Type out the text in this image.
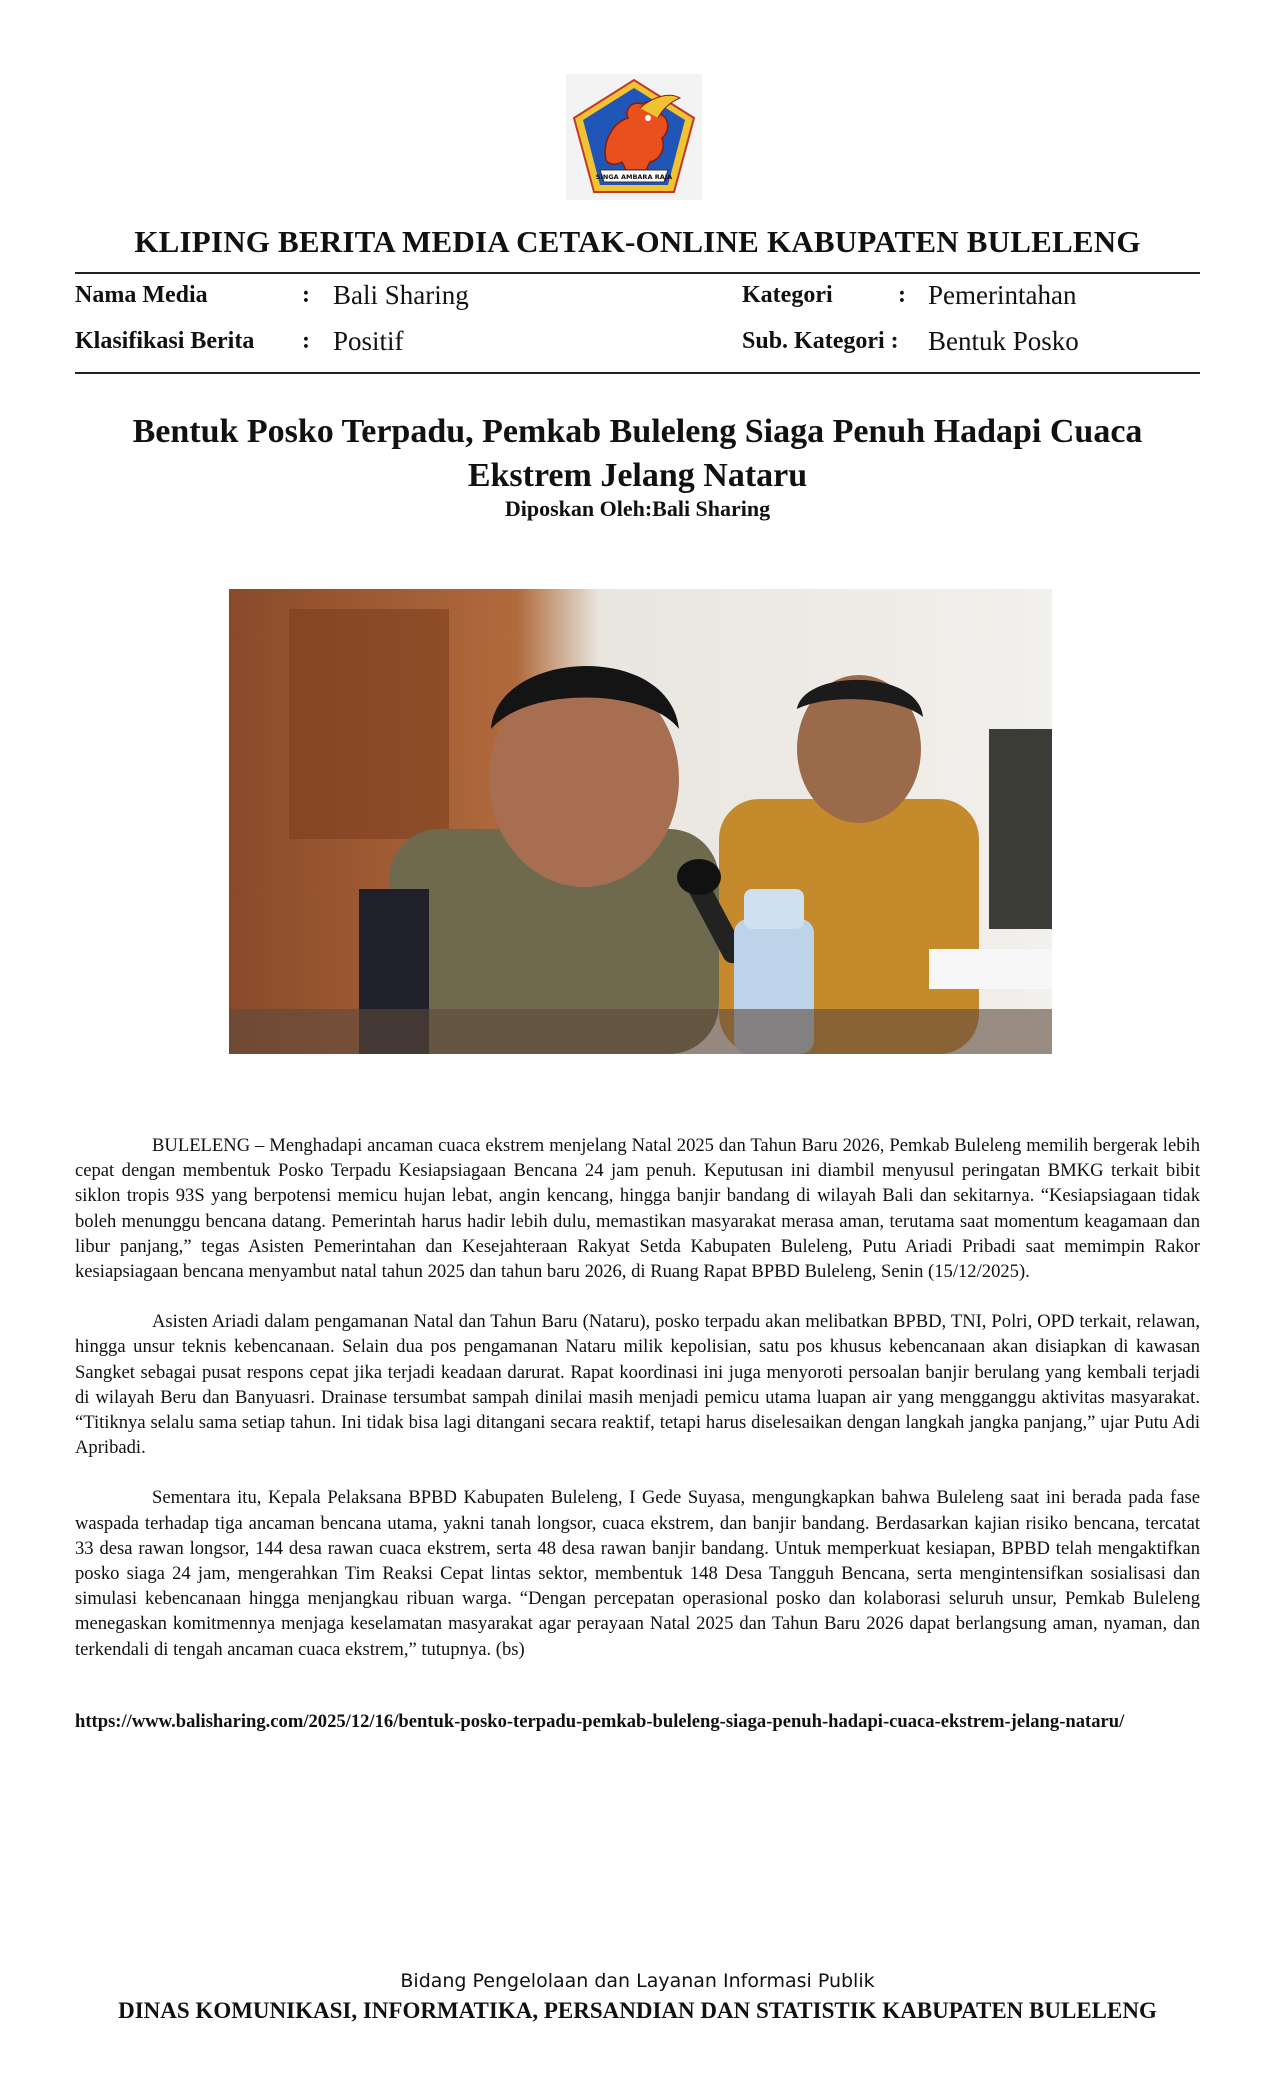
SINGA AMBARA RAJA
KLIPING BERITA MEDIA CETAK-ONLINE KABUPATEN BULELENG
Nama Media	: Bali Sharing	Kategori	: Pemerintahan
Klasifikasi Berita : Positif	Sub. Kategori : Bentuk Posko
Bentuk Posko Terpadu, Pemkab Buleleng Siaga Penuh Hadapi Cuaca Ekstrem Jelang Nataru
Diposkan Oleh:Bali Sharing

BULELENG – Menghadapi ancaman cuaca ekstrem menjelang Natal 2025 dan Tahun Baru 2026, Pemkab Buleleng memilih bergerak lebih cepat dengan membentuk Posko Terpadu Kesiapsiagaan Bencana 24 jam penuh. Keputusan ini diambil menyusul peringatan BMKG terkait bibit siklon tropis 93S yang berpotensi memicu hujan lebat, angin kencang, hingga banjir bandang di wilayah Bali dan sekitarnya. “Kesiapsiagaan tidak boleh menunggu bencana datang. Pemerintah harus hadir lebih dulu, memastikan masyarakat merasa aman, terutama saat momentum keagamaan dan libur panjang,” tegas Asisten Pemerintahan dan Kesejahteraan Rakyat Setda Kabupaten Buleleng, Putu Ariadi Pribadi saat memimpin Rakor kesiapsiagaan bencana menyambut natal tahun 2025 dan tahun baru 2026, di Ruang Rapat BPBD Buleleng, Senin (15/12/2025).

Asisten Ariadi dalam pengamanan Natal dan Tahun Baru (Nataru), posko terpadu akan melibatkan BPBD, TNI, Polri, OPD terkait, relawan, hingga unsur teknis kebencanaan. Selain dua pos pengamanan Nataru milik kepolisian, satu pos khusus kebencanaan akan disiapkan di kawasan Sangket sebagai pusat respons cepat jika terjadi keadaan darurat. Rapat koordinasi ini juga menyoroti persoalan banjir berulang yang kembali terjadi di wilayah Beru dan Banyuasri. Drainase tersumbat sampah dinilai masih menjadi pemicu utama luapan air yang mengganggu aktivitas masyarakat. “Titiknya selalu sama setiap tahun. Ini tidak bisa lagi ditangani secara reaktif, tetapi harus diselesaikan dengan langkah jangka panjang,” ujar Putu Adi Apribadi.

Sementara itu, Kepala Pelaksana BPBD Kabupaten Buleleng, I Gede Suyasa, mengungkapkan bahwa Buleleng saat ini berada pada fase waspada terhadap tiga ancaman bencana utama, yakni tanah longsor, cuaca ekstrem, dan banjir bandang. Berdasarkan kajian risiko bencana, tercatat 33 desa rawan longsor, 144 desa rawan cuaca ekstrem, serta 48 desa rawan banjir bandang. Untuk memperkuat kesiapan, BPBD telah mengaktifkan posko siaga 24 jam, mengerahkan Tim Reaksi Cepat lintas sektor, membentuk 148 Desa Tangguh Bencana, serta mengintensifkan sosialisasi dan simulasi kebencanaan hingga menjangkau ribuan warga. “Dengan percepatan operasional posko dan kolaborasi seluruh unsur, Pemkab Buleleng menegaskan komitmennya menjaga keselamatan masyarakat agar perayaan Natal 2025 dan Tahun Baru 2026 dapat berlangsung aman, nyaman, dan terkendali di tengah ancaman cuaca ekstrem,” tutupnya. (bs)

https://www.balisharing.com/2025/12/16/bentuk-posko-terpadu-pemkab-buleleng-siaga-penuh-hadapi-cuaca-ekstrem-jelang-nataru/
Bidang Pengelolaan dan Layanan Informasi Publik
DINAS KOMUNIKASI, INFORMATIKA, PERSANDIAN DAN STATISTIK KABUPATEN BULELENG
